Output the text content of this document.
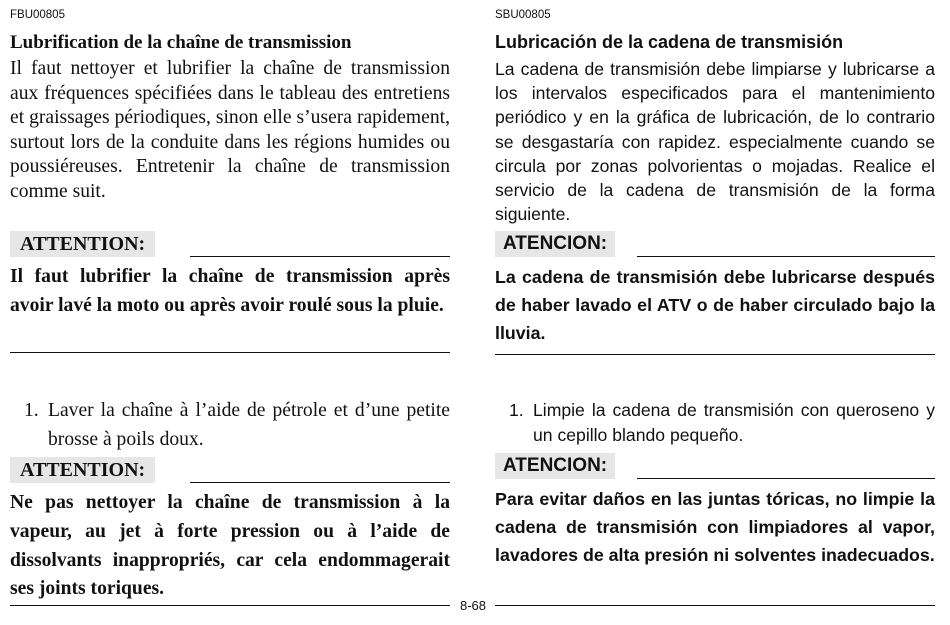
FBU00805
Lubrification de la chaîne de transmission
Il faut nettoyer et lubrifier la chaîne de transmission aux fréquences spécifiées dans le tableau des entretiens et graissages périodiques, sinon elle s’usera rapidement, surtout lors de la conduite dans les régions humides ou poussiéreuses. Entretenir la chaîne de transmission comme suit.
ATTENTION:
Il faut lubrifier la chaîne de transmission après avoir lavé la moto ou après avoir roulé sous la pluie.
1. Laver la chaîne à l’aide de pétrole et d’une petite brosse à poils doux.
ATTENTION:
Ne pas nettoyer la chaîne de transmission à la vapeur, au jet à forte pression ou à l’aide de dissolvants inappropriés, car cela endommagerait ses joints toriques.
SBU00805
Lubricación de la cadena de transmisión
La cadena de transmisión debe limpiarse y lubricarse a los intervalos especificados para el mantenimiento periódico y en la gráfica de lubricación, de lo contrario se desgastaría con rapidez. especialmente cuando se circula por zonas polvorientas o mojadas. Realice el servicio de la cadena de transmisión de la forma siguiente.
ATENCION:
La cadena de transmisión debe lubricarse después de haber lavado el ATV o de haber circulado bajo la lluvia.
1. Limpie la cadena de transmisión con queroseno y un cepillo blando pequeño.
ATENCION:
Para evitar daños en las juntas tóricas, no limpie la cadena de transmisión con limpiadores al vapor, lavadores de alta presión ni solventes inadecuados.
8-68
